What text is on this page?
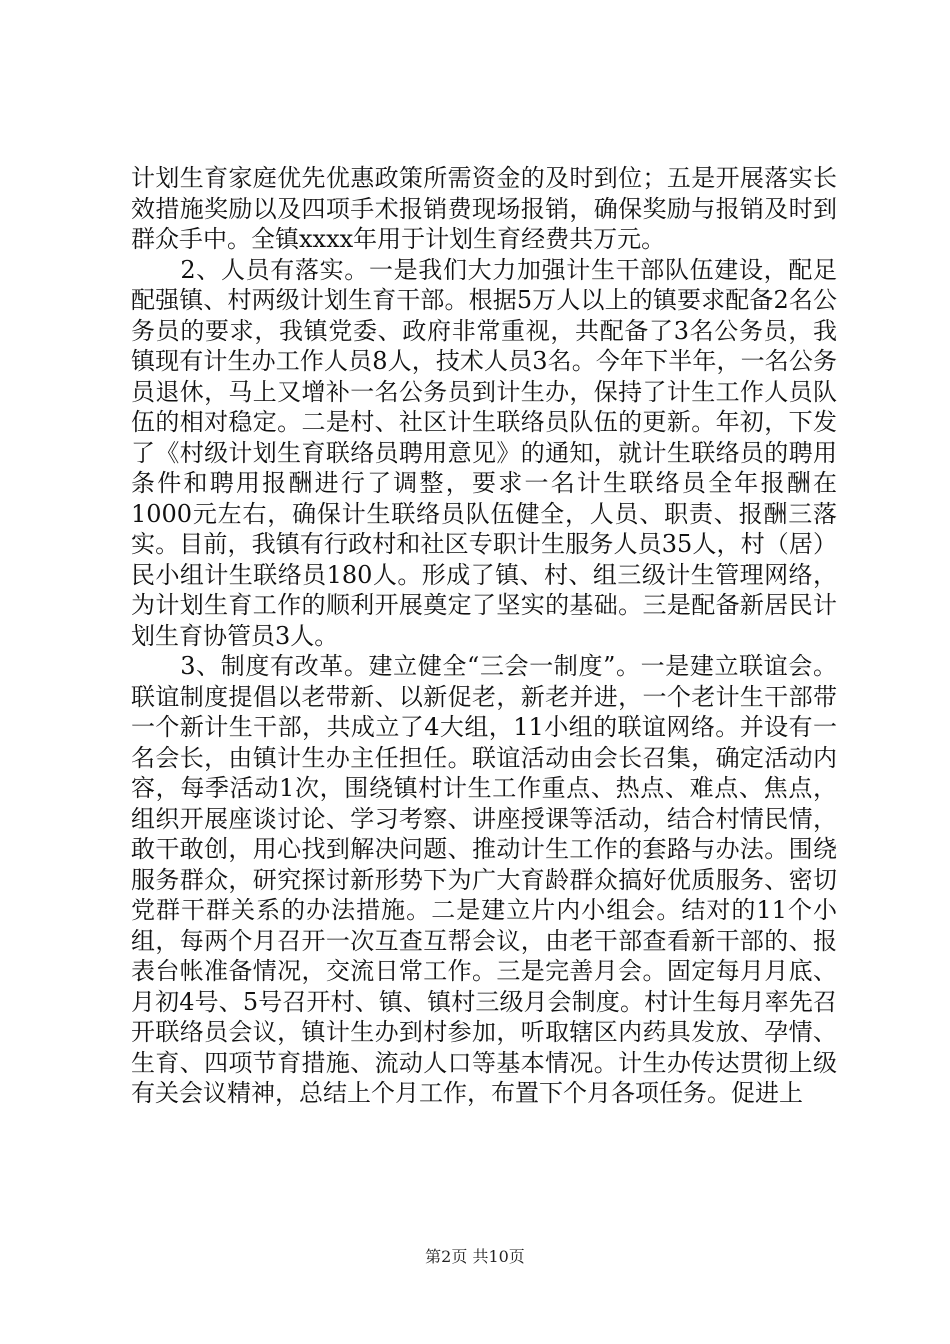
计划生育家庭优先优惠政策所需资金的及时到位；五是开展落实长效措施奖励以及四项手术报销费现场报销，确保奖励与报销及时到群众手中。全镇xxxx年用于计划生育经费共万元。

　　2、人员有落实。一是我们大力加强计生干部队伍建设，配足配强镇、村两级计划生育干部。根据5万人以上的镇要求配备2名公务员的要求，我镇党委、政府非常重视，共配备了3名公务员，我镇现有计生办工作人员8人，技术人员3名。今年下半年，一名公务员退休，马上又增补一名公务员到计生办，保持了计生工作人员队伍的相对稳定。二是村、社区计生联络员队伍的更新。年初，下发了《村级计划生育联络员聘用意见》的通知，就计生联络员的聘用条件和聘用报酬进行了调整，要求一名计生联络员全年报酬在1000元左右，确保计生联络员队伍健全，人员、职责、报酬三落实。目前，我镇有行政村和社区专职计生服务人员35人，村（居）民小组计生联络员180人。形成了镇、村、组三级计生管理网络，为计划生育工作的顺利开展奠定了坚实的基础。三是配备新居民计划生育协管员3人。

　　3、制度有改革。建立健全“三会一制度”。一是建立联谊会。联谊制度提倡以老带新、以新促老，新老并进，一个老计生干部带一个新计生干部，共成立了4大组，11小组的联谊网络。并设有一名会长，由镇计生办主任担任。联谊活动由会长召集，确定活动内容，每季活动1次，围绕镇村计生工作重点、热点、难点、焦点，组织开展座谈讨论、学习考察、讲座授课等活动，结合村情民情，敢干敢创，用心找到解决问题、推动计生工作的套路与办法。围绕服务群众，研究探讨新形势下为广大育龄群众搞好优质服务、密切党群干群关系的办法措施。二是建立片内小组会。结对的11个小组，每两个月召开一次互查互帮会议，由老干部查看新干部的、报表台帐准备情况，交流日常工作。三是完善月会。固定每月月底、月初4号、5号召开村、镇、镇村三级月会制度。村计生每月率先召开联络员会议，镇计生办到村参加，听取辖区内药具发放、孕情、生育、四项节育措施、流动人口等基本情况。计生办传达贯彻上级有关会议精神，总结上个月工作，布置下个月各项任务。促进上

第2页 共10页
